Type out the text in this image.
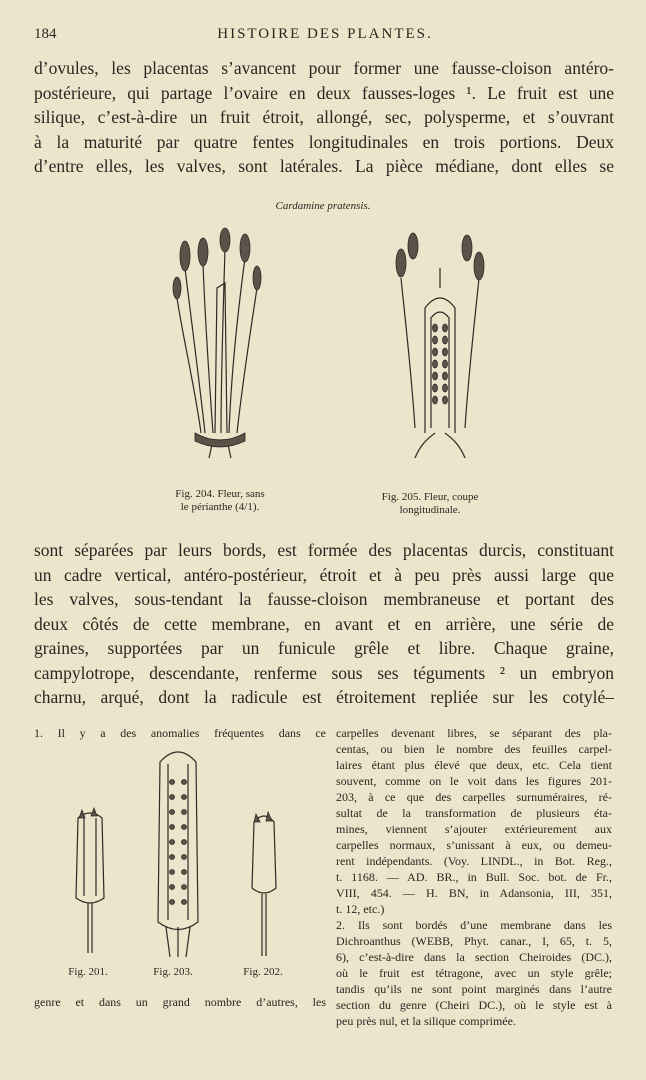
184	HISTOIRE DES PLANTES.
d’ovules, les placentas s’avancent pour former une fausse-cloison antéro-
postérieure, qui partage l’ovaire en deux fausses-loges ¹. Le fruit est une
silique, c’est-à-dire un fruit étroit, allongé, sec, polysperme, et s’ouvrant
à la maturité par quatre fentes longitudinales en trois portions. Deux
d’entre elles, les valves, sont latérales. La pièce médiane, dont elles se
Cardamine pratensis.
Fig. 204. Fleur, sans
le périanthe (4/1).
Fig. 205. Fleur, coupe
longitudinale.
sont séparées par leurs bords, est formée des placentas durcis, constituant
un cadre vertical, antéro-postérieur, étroit et à peu près aussi large que
les valves, sous-tendant la fausse-cloison membraneuse et portant des
deux côtés de cette membrane, en avant et en arrière, une série de
graines, supportées par un funicule grêle et libre. Chaque graine,
campylotrope, descendante, renferme sous ses téguments ² un embryon
charnu, arqué, dont la radicule est étroitement repliée sur les cotylé–
1. Il y a des anomalies fréquentes dans ce
Fig. 201.	Fig. 203.	Fig. 202.
genre et dans un grand nombre d’autres, les
carpelles devenant libres, se séparant des pla-
centas, ou bien le nombre des feuilles carpel-
laires étant plus élevé que deux, etc. Cela tient
souvent, comme on le voit dans les figures 201-
203, à ce que des carpelles surnuméraires, ré-
sultat de la transformation de plusieurs éta-
mines, viennent s’ajouter extérieurement aux
carpelles normaux, s’unissant à eux, ou demeu-
rent indépendants. (Voy. LINDL., in Bot. Reg.,
t. 1168. — AD. BR., in Bull. Soc. bot. de Fr.,
VIII, 454. — H. BN, in Adansonia, III, 351,
t. 12, etc.)
2. Ils sont bordés d’une membrane dans les
Dichroanthus (WEBB, Phyt. canar., I, 65, t. 5,
6), c’est-à-dire dans la section Cheiroides (DC.),
où le fruit est tétragone, avec un style grêle;
tandis qu’ils ne sont point marginés dans l’autre
section du genre (Cheiri DC.), où le style est à
peu près nul, et la silique comprimée.
